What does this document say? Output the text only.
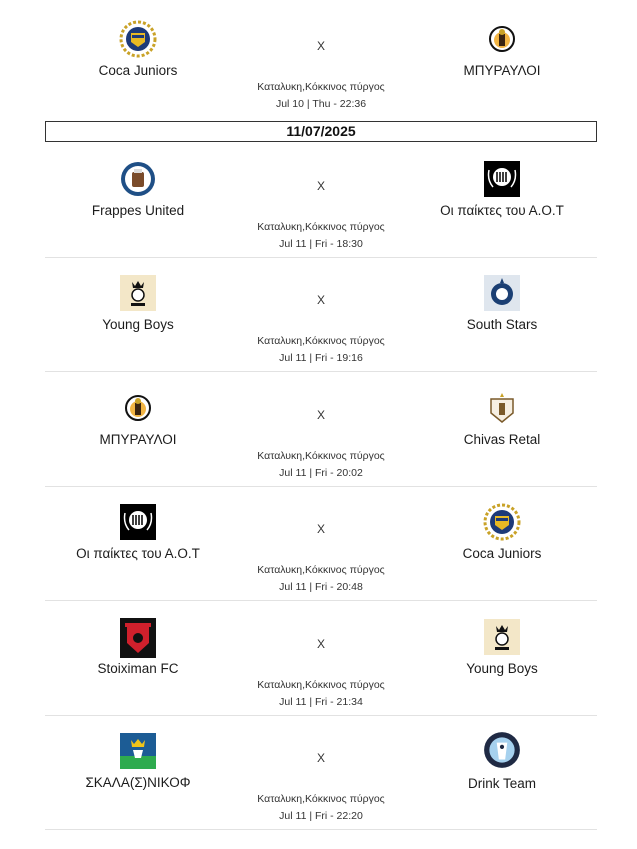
Coca Juniors
X
ΜΠΥΡΑΥΛΟΙ
Καταλυκη,Κόκκινος πύργος
Jul 10 | Thu - 22:36
11/07/2025
Frappes United
X
Οι παίκτες του Α.Ο.Τ
Καταλυκη,Κόκκινος πύργος
Jul 11 | Fri - 18:30
Young Boys
X
South Stars
Καταλυκη,Κόκκινος πύργος
Jul 11 | Fri - 19:16
ΜΠΥΡΑΥΛΟΙ
X
Chivas Retal
Καταλυκη,Κόκκινος πύργος
Jul 11 | Fri - 20:02
Οι παίκτες του Α.Ο.Τ
X
Coca Juniors
Καταλυκη,Κόκκινος πύργος
Jul 11 | Fri - 20:48
Stoiximan FC
X
Young Boys
Καταλυκη,Κόκκινος πύργος
Jul 11 | Fri - 21:34
ΣΚΑΛΑ(Σ)ΝΙΚΟΦ
X
Drink Team
Καταλυκη,Κόκκινος πύργος
Jul 11 | Fri - 22:20
